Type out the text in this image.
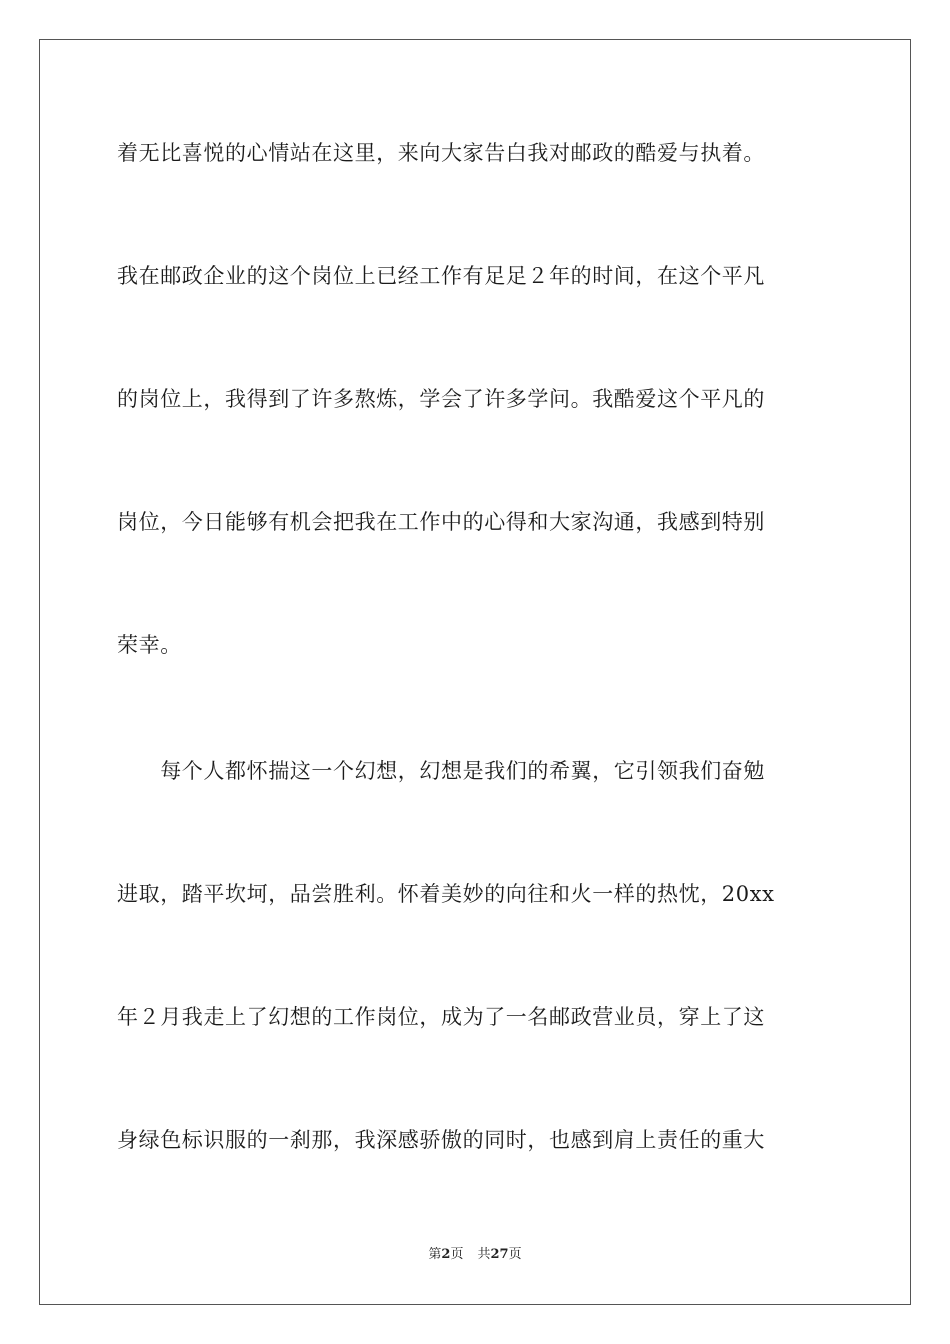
着无比喜悦的心情站在这里，来向大家告白我对邮政的酷爱与执着。
我在邮政企业的这个岗位上已经工作有足足２年的时间，在这个平凡
的岗位上，我得到了许多熬炼，学会了许多学问。我酷爱这个平凡的
岗位，今日能够有机会把我在工作中的心得和大家沟通，我感到特别
荣幸。
　　每个人都怀揣这一个幻想，幻想是我们的希翼，它引领我们奋勉
进取，踏平坎坷，品尝胜利。怀着美妙的向往和火一样的热忱，20xx
年２月我走上了幻想的工作岗位，成为了一名邮政营业员，穿上了这
身绿色标识服的一刹那，我深感骄傲的同时，也感到肩上责任的重大
第2页 共27页
